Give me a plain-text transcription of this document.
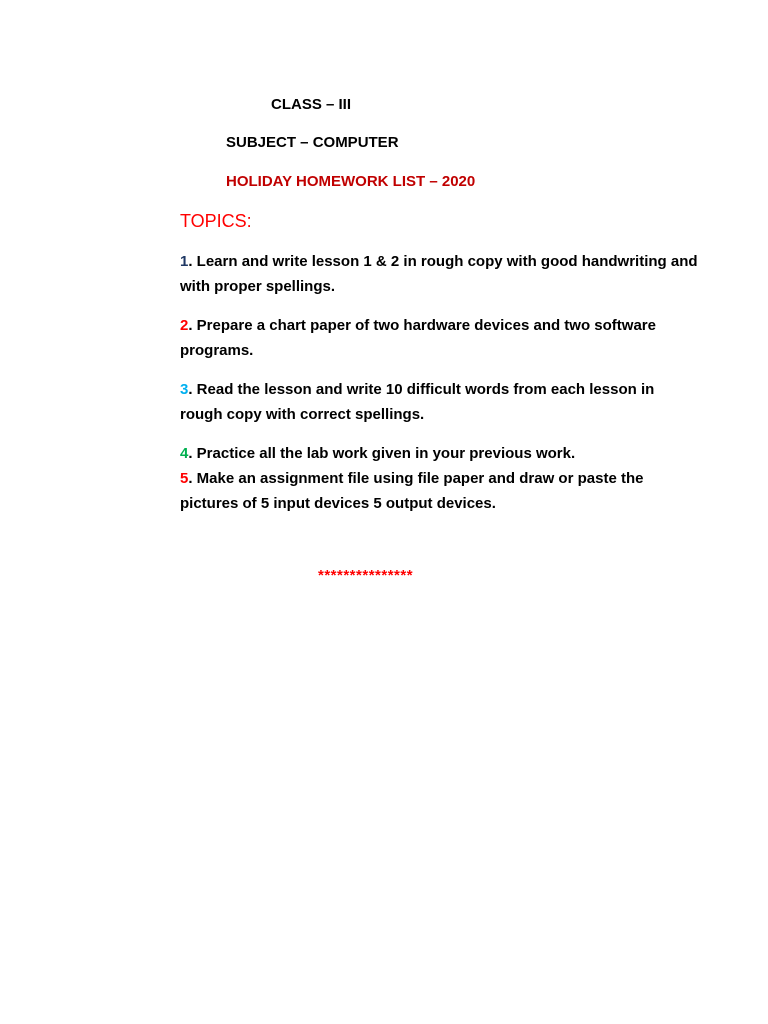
CLASS – III
SUBJECT – COMPUTER
HOLIDAY HOMEWORK LIST – 2020
TOPICS:
1. Learn and write lesson 1 & 2 in rough copy with good handwriting and with proper spellings.
2. Prepare a chart paper of two hardware devices and two software programs.
3. Read the lesson and write 10 difficult words from each lesson in rough copy with correct spellings.
4. Practice all the lab work given in your previous work.
5. Make an assignment file using file paper and draw or paste the pictures of 5 input devices 5 output devices.
***************
